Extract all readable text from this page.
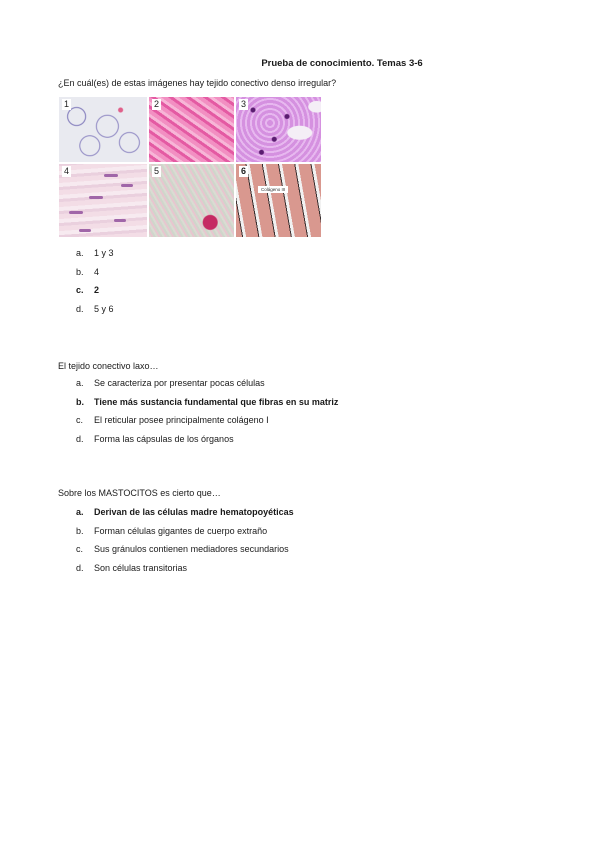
Prueba de conocimiento. Temas 3-6
¿En cuál(es) de estas imágenes hay tejido conectivo denso irregular?
1	2	3
4	5	6
Colágeno III
a.	1 y 3
b.	4
c.	2
d.	5 y 6
El tejido conectivo laxo…
a.	Se caracteriza por presentar pocas células
b.	Tiene más sustancia fundamental que fibras en su matriz
c.	El reticular posee principalmente colágeno I
d.	Forma las cápsulas de los órganos
Sobre los MASTOCITOS es cierto que…
a.	Derivan de las células madre hematopoyéticas
b.	Forman células gigantes de cuerpo extraño
c.	Sus gránulos contienen mediadores secundarios
d.	Son células transitorias
